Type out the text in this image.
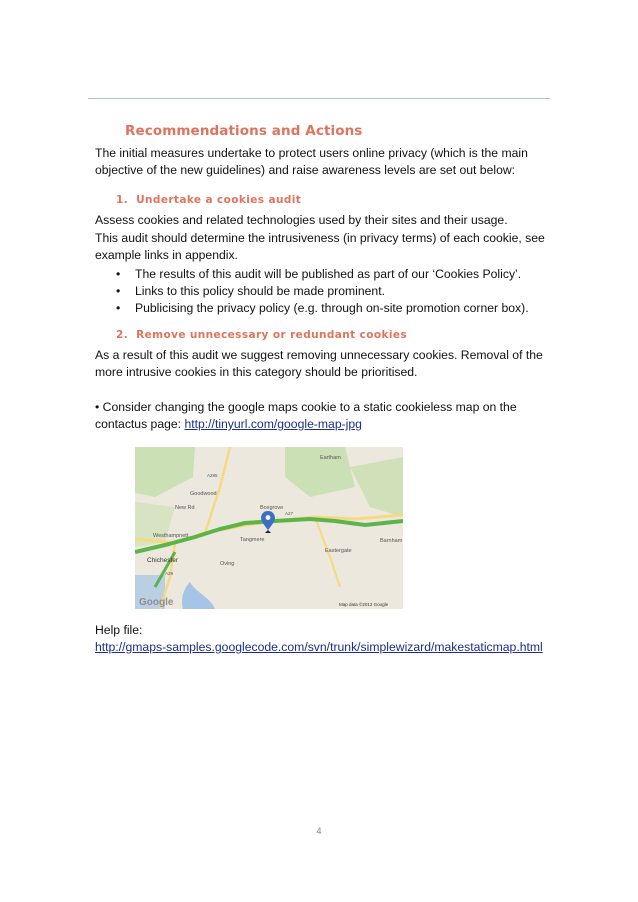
Recommendations and Actions
The initial measures undertake to protect users online privacy (which is the main objective of the new guidelines) and raise awareness levels are set out below:
1. Undertake a cookies audit
Assess cookies and related technologies used by their sites and their usage.
This audit should determine the intrusiveness (in privacy terms) of each cookie, see example links in appendix.
• The results of this audit will be published as part of our ‘Cookies Policy’.
• Links to this policy should be made prominent.
• Publicising the privacy policy (e.g. through on-site promotion corner box).
2. Remove unnecessary or redundant cookies
As a result of this audit we suggest removing unnecessary cookies. Removal of the more intrusive cookies in this category should be prioritised.
• Consider changing the google maps cookie to a static cookieless map on the contactus page: http://tinyurl.com/google-map-jpg
Eartham
Goodwood
New Rd	Boxgrove
Westhampnett
Tangmere
Chichester	Oving
Eastergate
Barnham
A27
A285
A29
Google	Map data ©2012 Google
Help file:
http://gmaps-samples.googlecode.com/svn/trunk/simplewizard/makestaticmap.html
4
